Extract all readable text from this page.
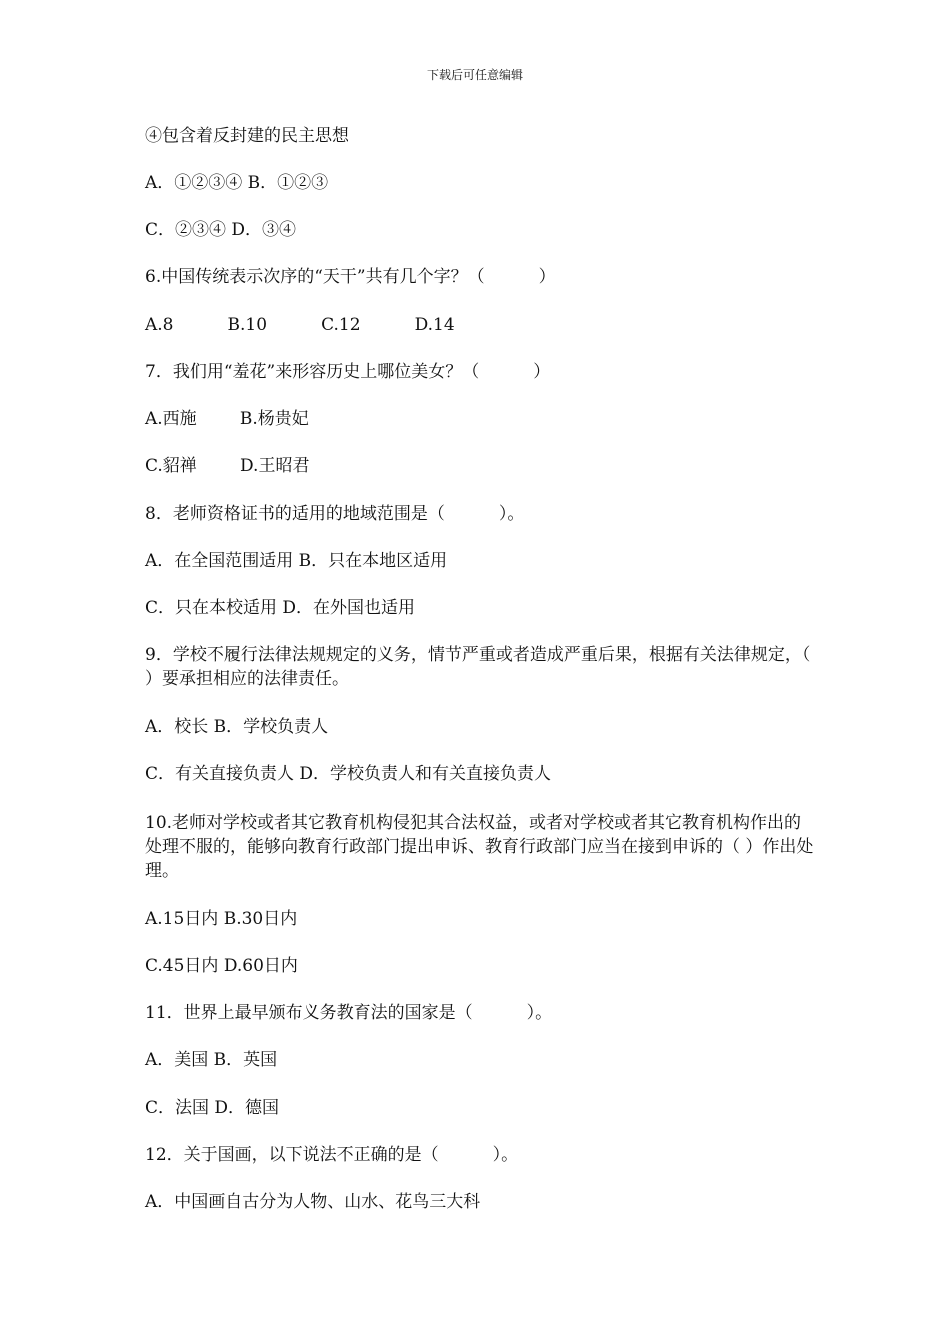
下载后可任意编辑
④包含着反封建的民主思想
A．①②③④ B．①②③
C．②③④ D．③④
6.中国传统表示次序的“天干”共有几个字？（          ）
A.8          B.10          C.12          D.14
7．我们用“羞花”来形容历史上哪位美女？（          ）
A.西施        B.杨贵妃
C.貂禅        D.王昭君
8．老师资格证书的适用的地域范围是（          ）。
A．在全国范围适用 B．只在本地区适用
C．只在本校适用 D．在外国也适用
9．学校不履行法律法规规定的义务，情节严重或者造成严重后果，根据有关法律规定，（ ）要承担相应的法律责任。
A．校长 B．学校负责人
C．有关直接负责人 D．学校负责人和有关直接负责人
10.老师对学校或者其它教育机构侵犯其合法权益，或者对学校或者其它教育机构作出的处理不服的，能够向教育行政部门提出申诉、教育行政部门应当在接到申诉的（ ）作出处理。
A.15日内 B.30日内
C.45日内 D.60日内
11．世界上最早颁布义务教育法的国家是（          ）。
A．美国 B．英国
C．法国 D．德国
12．关于国画，以下说法不正确的是（          ）。
A．中国画自古分为人物、山水、花鸟三大科
